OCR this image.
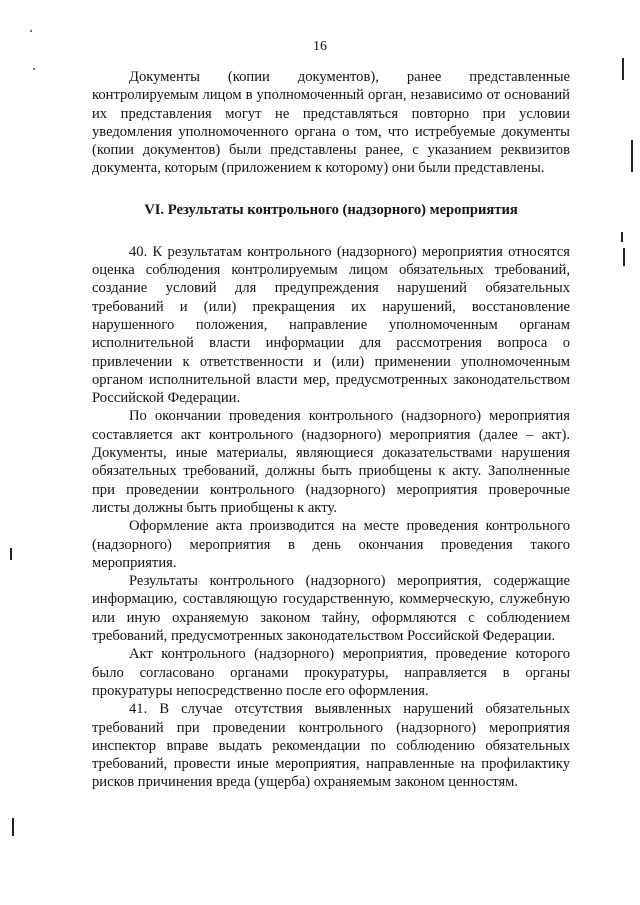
16

Документы (копии документов), ранее представленные контролируемым лицом в уполномоченный орган, независимо от оснований их представления могут не представляться повторно при условии уведомления уполномоченного органа о том, что истребуемые документы (копии документов) были представлены ранее, с указанием реквизитов документа, которым (приложением к которому) они были представлены.

VI. Результаты контрольного (надзорного) мероприятия

40. К результатам контрольного (надзорного) мероприятия относятся оценка соблюдения контролируемым лицом обязательных требований, создание условий для предупреждения нарушений обязательных требований и (или) прекращения их нарушений, восстановление нарушенного положения, направление уполномоченным органам исполнительной власти информации для рассмотрения вопроса о привлечении к ответственности и (или) применении уполномоченным органом исполнительной власти мер, предусмотренных законодательством Российской Федерации.

По окончании проведения контрольного (надзорного) мероприятия составляется акт контрольного (надзорного) мероприятия (далее – акт). Документы, иные материалы, являющиеся доказательствами нарушения обязательных требований, должны быть приобщены к акту. Заполненные при проведении контрольного (надзорного) мероприятия проверочные листы должны быть приобщены к акту.

Оформление акта производится на месте проведения контрольного (надзорного) мероприятия в день окончания проведения такого мероприятия.

Результаты контрольного (надзорного) мероприятия, содержащие информацию, составляющую государственную, коммерческую, служебную или иную охраняемую законом тайну, оформляются с соблюдением требований, предусмотренных законодательством Российской Федерации.

Акт контрольного (надзорного) мероприятия, проведение которого было согласовано органами прокуратуры, направляется в органы прокуратуры непосредственно после его оформления.

41. В случае отсутствия выявленных нарушений обязательных требований при проведении контрольного (надзорного) мероприятия инспектор вправе выдать рекомендации по соблюдению обязательных требований, провести иные мероприятия, направленные на профилактику рисков причинения вреда (ущерба) охраняемым законом ценностям.
